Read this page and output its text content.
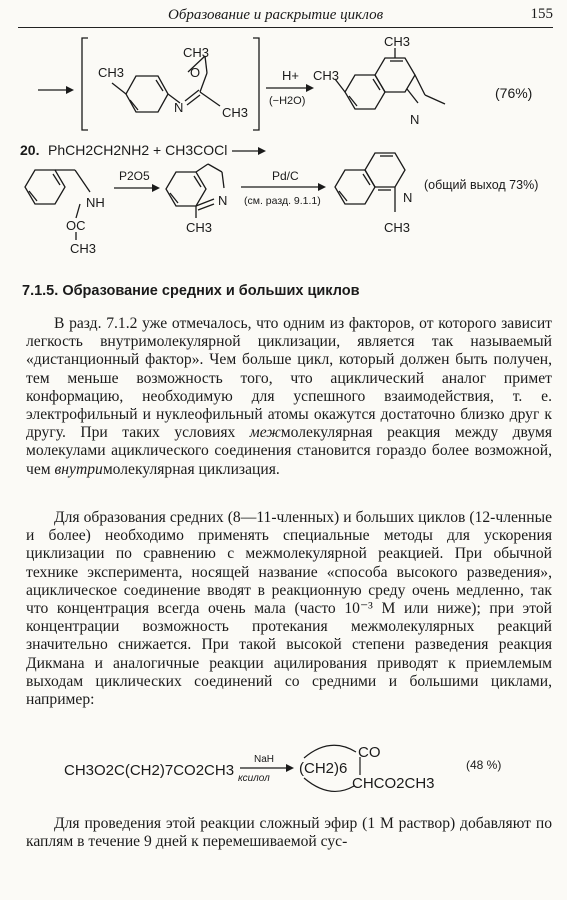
Образование и раскрытие циклов	155
CH3
CH3
O
N	CH3
H+
(−H2O)
CH3
CH3
N
(76%)
20. PhCH2CH2NH2 + CH3COCl
NH
OC
CH3
P2O5
N
CH3
Pd/C
(см. разд. 9.1.1)	N
CH3
(общий выход 73%)
7.1.5. Образование средних и больших циклов
В разд. 7.1.2 уже отмечалось, что одним из факторов, от которого зависит легкость внутримолекулярной циклизации, является так называемый «дистанционный фактор». Чем больше цикл, который должен быть получен, тем меньше возможность того, что ациклический аналог примет конформацию, необходимую для успешного взаимодействия, т. е. электрофильный и нуклеофильный атомы окажутся достаточно близко друг к другу. При таких условиях межмолекулярная реакция между двумя молекулами ациклического соединения становится гораздо более возможной, чем внутримолекулярная циклизация.
Для образования средних (8—11-членных) и больших циклов (12-членные и более) необходимо применять специальные методы для ускорения циклизации по сравнению с межмолекулярной реакцией. При обычной технике эксперимента, носящей название «способа высокого разведения», ациклическое соединение вводят в реакционную среду очень медленно, так что концентрация всегда очень мала (часто 10⁻³ М или ниже); при этой концентрации возможность протекания межмолекулярных реакций значительно снижается. При такой высокой степени разведения реакция Дикмана и аналогичные реакции ацилирования приводят к приемлемым выходам циклических соединений со средними и большими циклами, например:
CH3O2C(CH2)7CO2CH3
NaH
ксилол
(CH2)6
CO
CHCO2CH3
(48 %)
Для проведения этой реакции сложный эфир (1 М раствор) добавляют по каплям в течение 9 дней к перемешиваемой сус-
